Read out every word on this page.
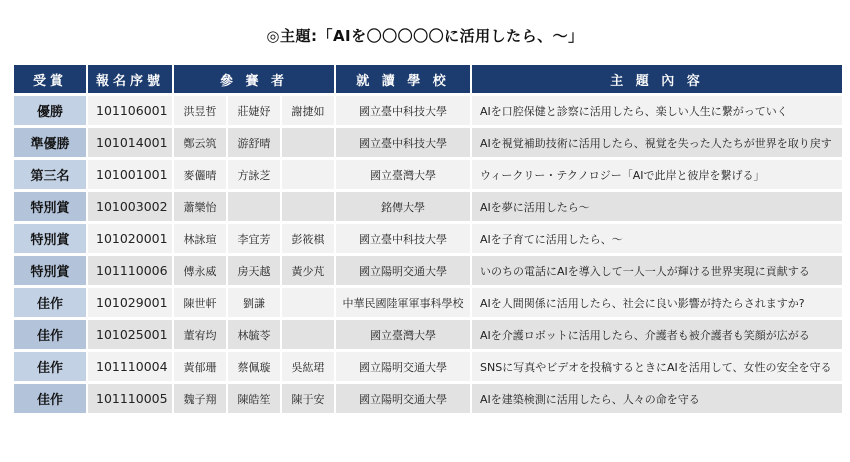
◎主題:「AIを〇〇〇〇〇に活用したら、〜」
受賞	報名序號	參 賽 者			就 讀 學 校	主 題 內 容
優勝	101106001	洪昱哲	莊婕妤	謝捷如	國立臺中科技大學	AIを口腔保健と診察に活用したら、楽しい人生に繋がっていく
準優勝	101014001	鄭云筑	游舒晴		國立臺中科技大學	AIを視覚補助技術に活用したら、視覚を失った人たちが世界を取り戻す
第三名	101001001	麥儷晴	方詠芝		國立臺灣大學	ウィークリー・テクノロジー「AIで此岸と彼岸を繋げる」
特別賞	101003002	蕭樂怡			銘傳大學	AIを夢に活用したら〜
特別賞	101020001	林詠瑄	李宜芳	彭筱棋	國立臺中科技大學	AIを子育てに活用したら、〜
特別賞	101110006	傅永威	房天越	黃少芃	國立陽明交通大學	いのちの電話にAIを導入して一人一人が輝ける世界実現に貢献する
佳作	101029001	陳世軒	劉謙		中華民國陸軍軍事科學校	AIを人間関係に活用したら、社会に良い影響が持たらされますか?
佳作	101025001	董宥均	林毓苓		國立臺灣大學	AIを介護ロボットに活用したら、介護者も被介護者も笑顔が広がる
佳作	101110004	黃郁珊	蔡佩璇	吳紘珺	國立陽明交通大學	SNSに写真やビデオを投稿するときにAIを活用して、女性の安全を守る
佳作	101110005	魏子翔	陳皓笙	陳于安	國立陽明交通大學	AIを建築検測に活用したら、人々の命を守る
